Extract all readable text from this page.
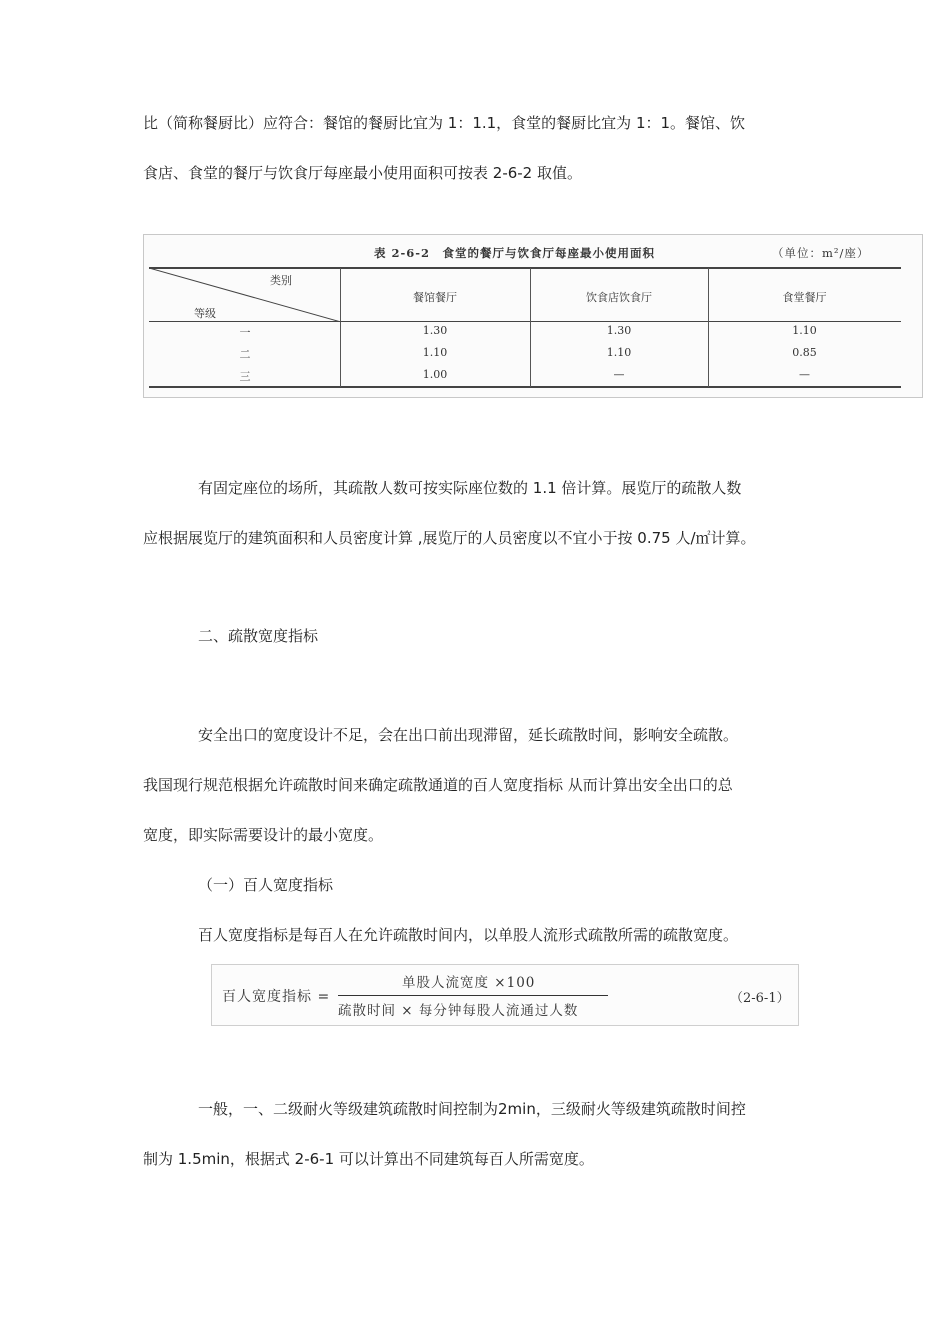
比（简称餐厨比）应符合：餐馆的餐厨比宜为 1：1.1，食堂的餐厨比宜为 1：1。餐馆、饮

食店、食堂的餐厅与饮食厅每座最小使用面积可按表 2-6-2 取值。

表 2-6-2　食堂的餐厅与饮食厅每座最小使用面积	（单位：m²/座）
类别
等级
餐馆餐厅	饮食店饮食厅	食堂餐厅
一	1.30	1.30	1.10
二	1.10	1.10	0.85
三	1.00	—	—

有固定座位的场所，其疏散人数可按实际座位数的 1.1 倍计算。展览厅的疏散人数

应根据展览厅的建筑面积和人员密度计算 ,展览厅的人员密度以不宜小于按 0.75 人/㎡计算。

二、疏散宽度指标

安全出口的宽度设计不足，会在出口前出现滞留，延长疏散时间，影响安全疏散。

我国现行规范根据允许疏散时间来确定疏散通道的百人宽度指标 从而计算出安全出口的总

宽度，即实际需要设计的最小宽度。

（一）百人宽度指标

百人宽度指标是每百人在允许疏散时间内，以单股人流形式疏散所需的疏散宽度。

百人宽度指标 =
单股人流宽度 ×100
疏散时间 × 每分钟每股人流通过人数
（2-6-1）

一般，一、二级耐火等级建筑疏散时间控制为2min，三级耐火等级建筑疏散时间控

制为 1.5min，根据式 2-6-1 可以计算出不同建筑每百人所需宽度。
